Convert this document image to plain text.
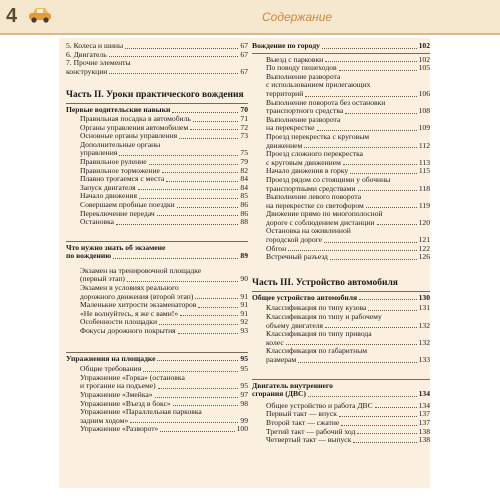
4	Содержание
5. Колеса и шины	67
6. Двигатель	67
7. Прочие элементы
конструкции	67
Часть II. Уроки практического вождения
Первые водительские навыки	70
Правильная посадка в автомобиль	71
Органы управления автомобилем	72
Основные органы управления	73
Дополнительные органы
управления	75
Правильное руление	79
Правильное торможение	82
Плавно трогаемся с места	84
Запуск двигателя	84
Начало движения	85
Совершаем пробные поездки	86
Переключение передач	86
Остановка	88
Что нужно знать об экзамене
по вождению	89
Экзамен на тренировочной площадке
(первый этап)	90
Экзамен в условиях реального
дорожного движения (второй этап)	91
Маленькие хитрости экзаменаторов	91
«Не волнуйтесь, я же с вами!»	91
Особенности площадки	92
Фокусы дорожного покрытия	93
Упражнения на площадке	95
Общие требования	95
Упражнение «Горка» (остановка
и трогание на подъеме)	95
Упражнение «Змейка»	97
Упражнение «Въезд в бокс»	98
Упражнение «Параллельная парковка
задним ходом»	99
Упражнение «Разворот»	100
Вождение по городу	102
Выезд с парковки	102
По поводу пешеходов	105
Выполнение разворота
с использованием прилегающих
территорий	106
Выполнение поворота без остановки
транспортного средства	108
Выполнение разворота
на перекрестке	109
Проезд перекрестка с круговым
движением	112
Проезд сложного перекрестка
с круговым движением	113
Начало движения в горку	115
Проезд рядом со стоящими у обочины
транспортными средствами	118
Выполнение левого поворота
на перекрестке со светофором	119
Движение прямо по многополосной
дороге с соблюдением дистанции	120
Остановка на оживленной
городской дороге	121
Обгон	122
Встречный разъезд	126
Часть III. Устройство автомобиля
Общее устройство автомобиля	130
Классификация по типу кузова	131
Классификация по типу и рабочему
объему двигателя	132
Классификация по типу привода
колес	132
Классификация по габаритным
размерам	133
Двигатель внутреннего
сгорания (ДВС)	134
Общее устройство и работа ДВС	134
Первый такт — впуск	137
Второй такт — сжатие	137
Третий такт — рабочий ход	138
Четвертый такт — выпуск	138
